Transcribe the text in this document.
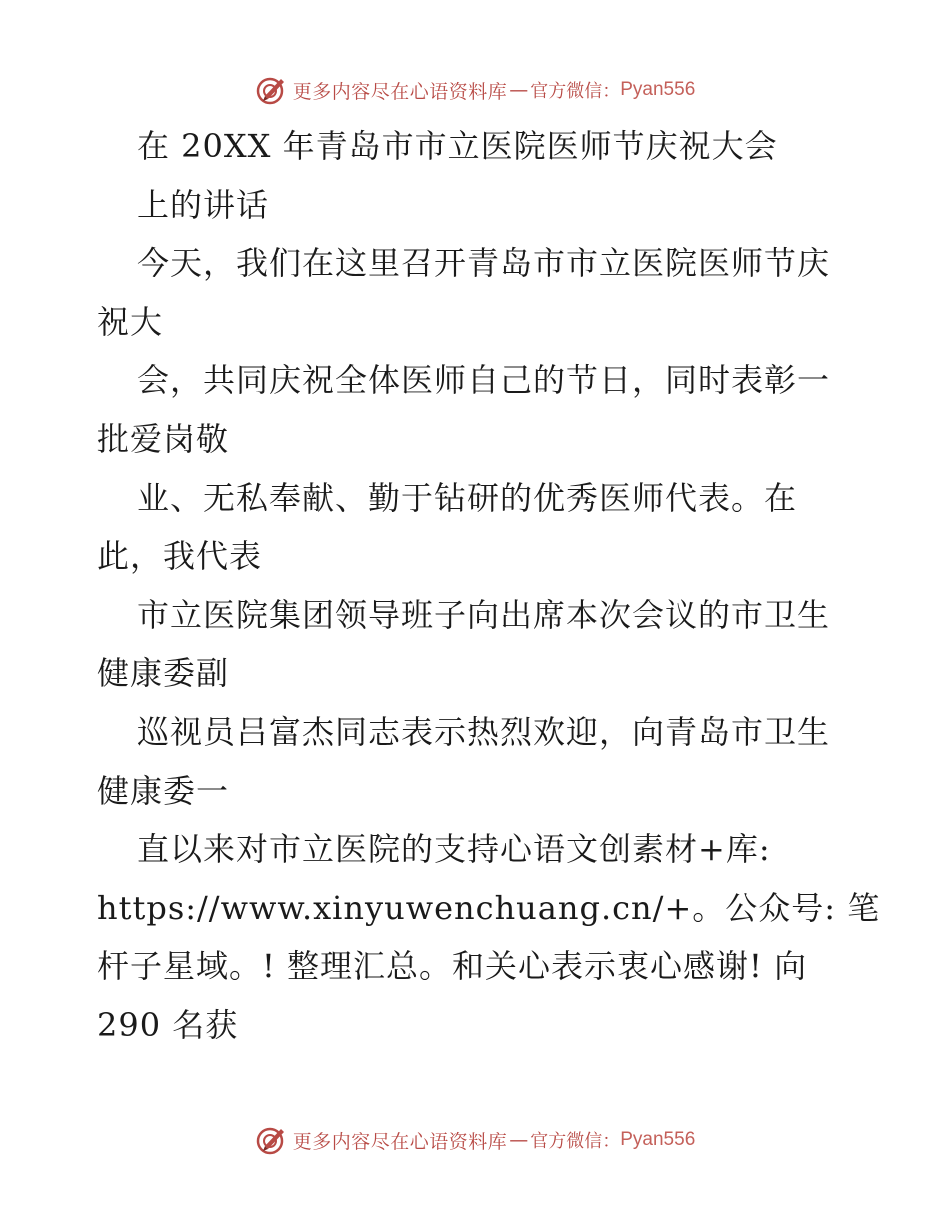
更多内容尽在心语资料库 — 官方微信： Pyan556
在 20XX 年青岛市市立医院医师节庆祝大会
上的讲话
今天，我们在这里召开青岛市市立医院医师节庆
祝大
会，共同庆祝全体医师自己的节日，同时表彰一
批爱岗敬
业、无私奉献、勤于钻研的优秀医师代表。在
此，我代表
市立医院集团领导班子向出席本次会议的市卫生
健康委副
巡视员吕富杰同志表示热烈欢迎，向青岛市卫生
健康委一
直以来对市立医院的支持心语文创素材+库:
https://www.xinyuwenchuang.cn/+。公众号: 笔
杆子星域。! 整理汇总。和关心表示衷心感谢! 向
290 名获
更多内容尽在心语资料库 — 官方微信： Pyan556
